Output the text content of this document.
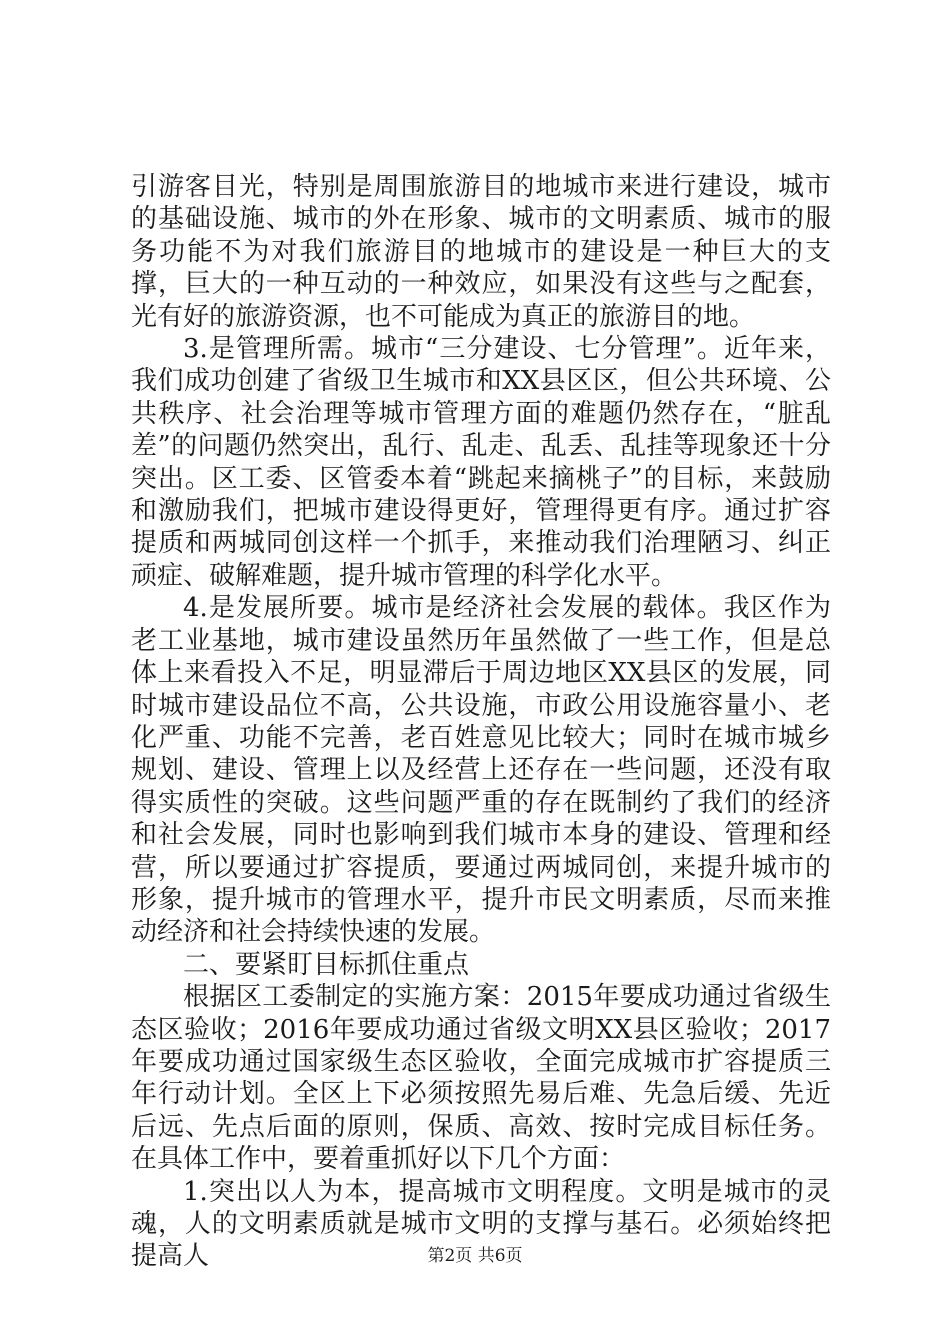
引游客目光，特别是周围旅游目的地城市来进行建设，城市的基础设施、城市的外在形象、城市的文明素质、城市的服务功能不为对我们旅游目的地城市的建设是一种巨大的支撑，巨大的一种互动的一种效应，如果没有这些与之配套，光有好的旅游资源，也不可能成为真正的旅游目的地。

3.是管理所需。城市“三分建设、七分管理”。近年来，我们成功创建了省级卫生城市和XX县区区，但公共环境、公共秩序、社会治理等城市管理方面的难题仍然存在，“脏乱差”的问题仍然突出，乱行、乱走、乱丢、乱挂等现象还十分突出。区工委、区管委本着“跳起来摘桃子”的目标，来鼓励和激励我们，把城市建设得更好，管理得更有序。通过扩容提质和两城同创这样一个抓手，来推动我们治理陋习、纠正顽症、破解难题，提升城市管理的科学化水平。

4.是发展所要。城市是经济社会发展的载体。我区作为老工业基地，城市建设虽然历年虽然做了一些工作，但是总体上来看投入不足，明显滞后于周边地区XX县区的发展，同时城市建设品位不高，公共设施，市政公用设施容量小、老化严重、功能不完善，老百姓意见比较大；同时在城市城乡规划、建设、管理上以及经营上还存在一些问题，还没有取得实质性的突破。这些问题严重的存在既制约了我们的经济和社会发展，同时也影响到我们城市本身的建设、管理和经营，所以要通过扩容提质，要通过两城同创，来提升城市的形象，提升城市的管理水平，提升市民文明素质，尽而来推动经济和社会持续快速的发展。

二、要紧盯目标抓住重点

根据区工委制定的实施方案：2015年要成功通过省级生态区验收；2016年要成功通过省级文明XX县区验收；2017年要成功通过国家级生态区验收，全面完成城市扩容提质三年行动计划。全区上下必须按照先易后难、先急后缓、先近后远、先点后面的原则，保质、高效、按时完成目标任务。在具体工作中，要着重抓好以下几个方面：

1.突出以人为本，提高城市文明程度。文明是城市的灵魂，人的文明素质就是城市文明的支撑与基石。必须始终把提高人	第2页 共6页
